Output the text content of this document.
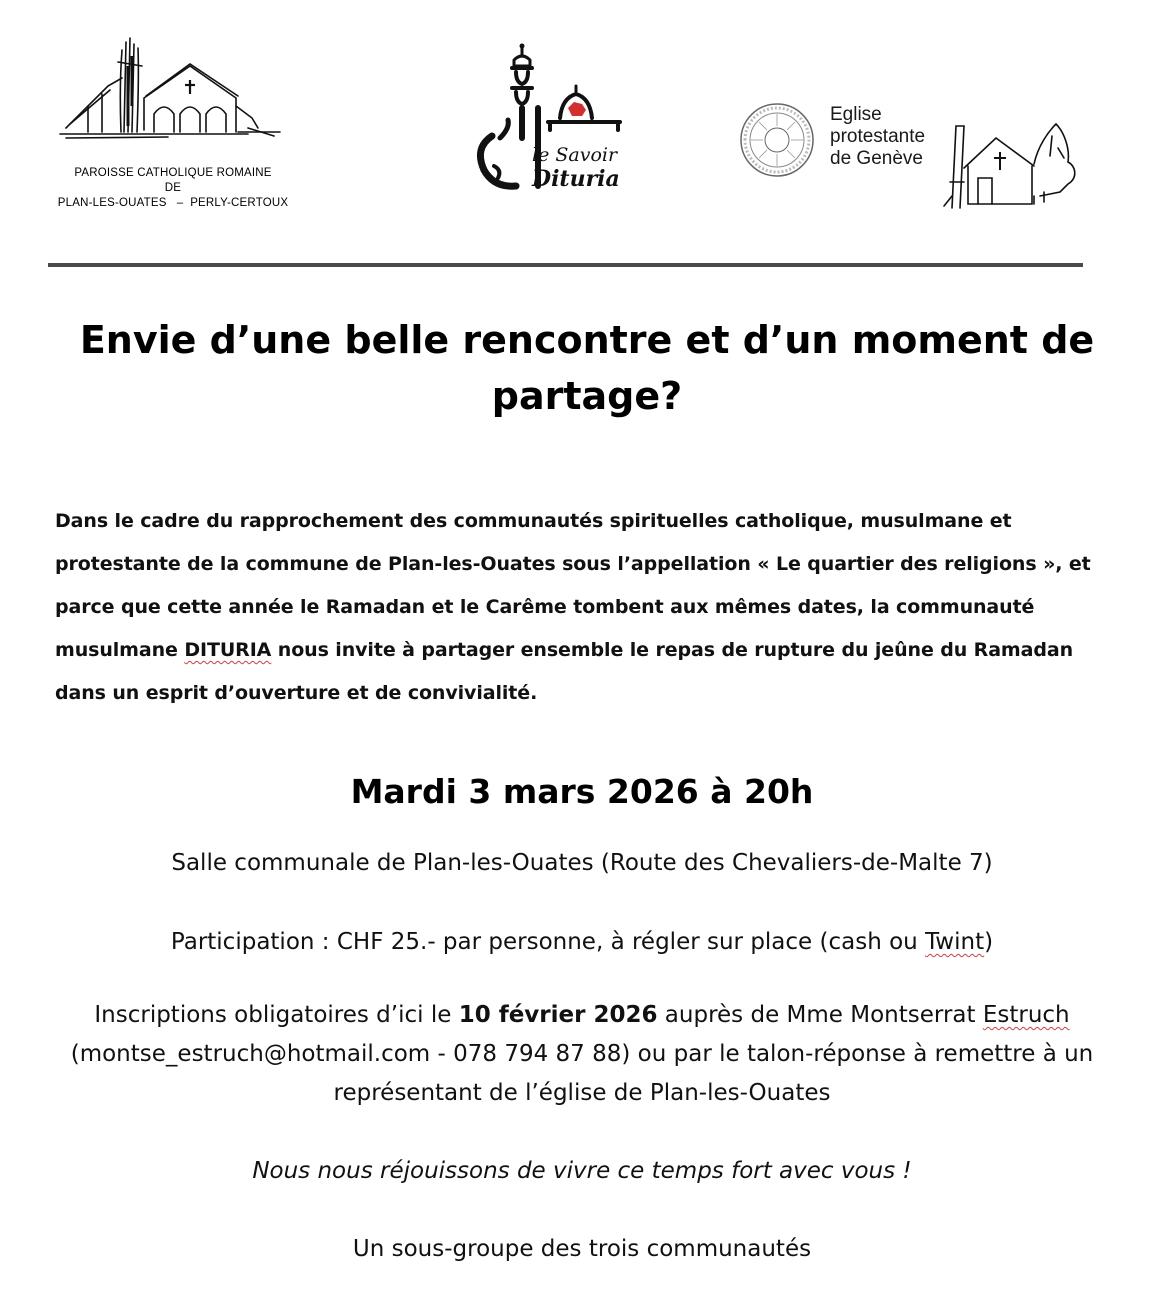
PAROISSE CATHOLIQUE ROMAINE
DE
PLAN-LES-OUATES   –  PERLY-CERTOUX
le Savoir
Dituria
Eglise
protestante
de Genève
Envie d’une belle rencontre et d’un moment de partage?

Dans le cadre du rapprochement des communautés spirituelles catholique, musulmane et protestante de la commune de Plan-les-Ouates sous l’appellation « Le quartier des religions », et parce que cette année le Ramadan et le Carême tombent aux mêmes dates, la communauté musulmane DITURIA nous invite à partager ensemble le repas de rupture du jeûne du Ramadan dans un esprit d’ouverture et de convivialité.

Mardi 3 mars 2026 à 20h
Salle communale de Plan-les-Ouates (Route des Chevaliers-de-Malte 7)
Participation : CHF 25.- par personne, à régler sur place (cash ou Twint)
Inscriptions obligatoires d’ici le 10 février 2026 auprès de Mme Montserrat Estruch (montse_estruch@hotmail.com - 078 794 87 88) ou par le talon-réponse à remettre à un représentant de l’église de Plan-les-Ouates
Nous nous réjouissons de vivre ce temps fort avec vous !
Un sous-groupe des trois communautés
